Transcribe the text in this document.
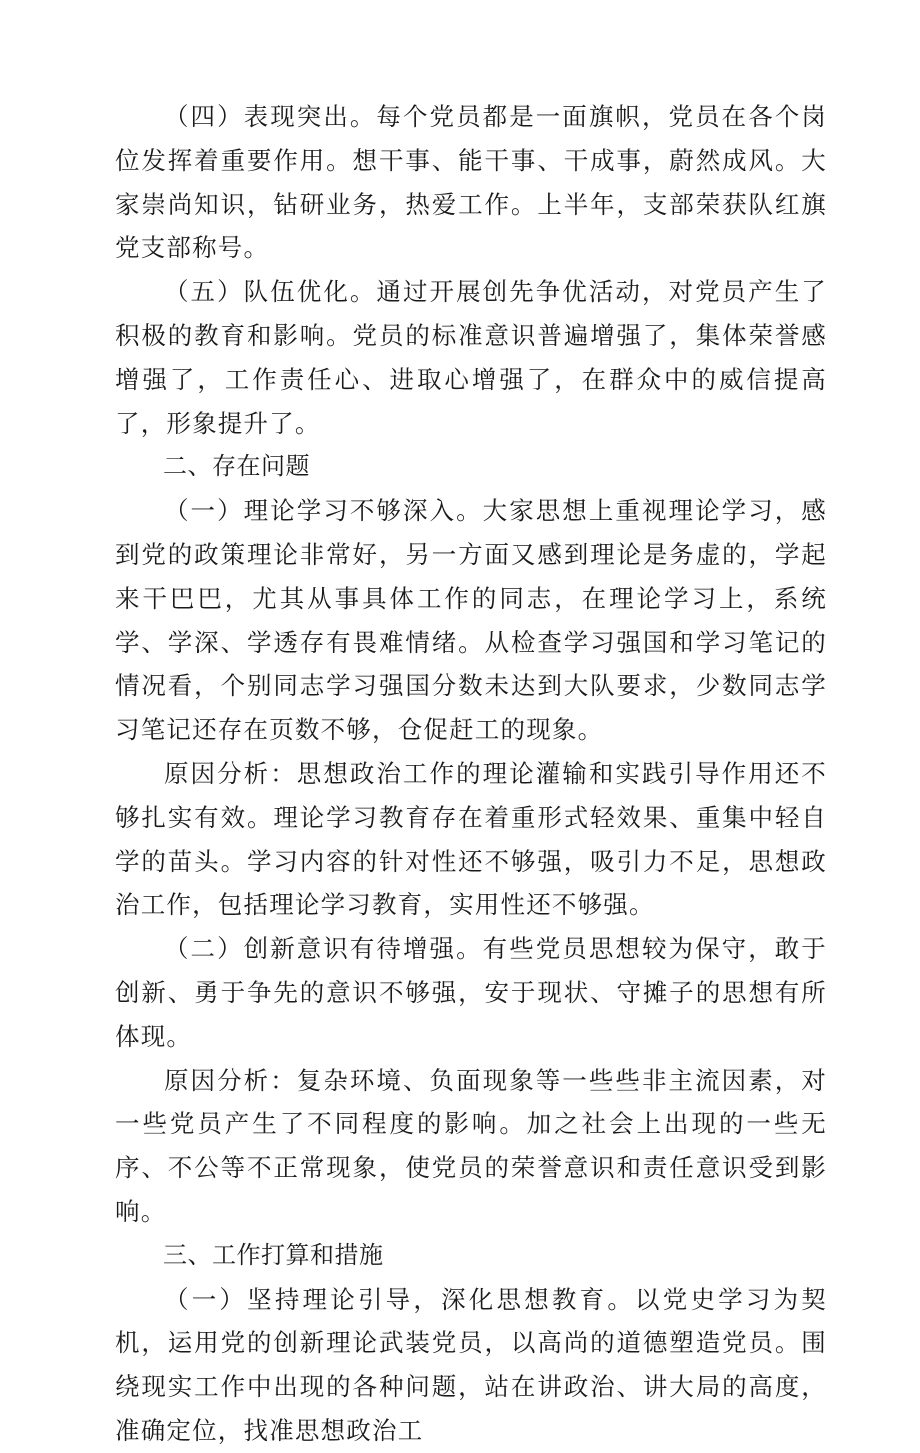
（四）表现突出。每个党员都是一面旗帜，党员在各个岗位发挥着重要作用。想干事、能干事、干成事，蔚然成风。大家崇尚知识，钻研业务，热爱工作。上半年，支部荣获队红旗党支部称号。

（五）队伍优化。通过开展创先争优活动，对党员产生了积极的教育和影响。党员的标准意识普遍增强了，集体荣誉感增强了，工作责任心、进取心增强了，在群众中的威信提高了，形象提升了。

二、存在问题

（一）理论学习不够深入。大家思想上重视理论学习，感到党的政策理论非常好，另一方面又感到理论是务虚的，学起来干巴巴，尤其从事具体工作的同志，在理论学习上，系统学、学深、学透存有畏难情绪。从检查学习强国和学习笔记的情况看，个别同志学习强国分数未达到大队要求，少数同志学习笔记还存在页数不够，仓促赶工的现象。

原因分析：思想政治工作的理论灌输和实践引导作用还不够扎实有效。理论学习教育存在着重形式轻效果、重集中轻自学的苗头。学习内容的针对性还不够强，吸引力不足，思想政治工作，包括理论学习教育，实用性还不够强。

（二）创新意识有待增强。有些党员思想较为保守，敢于创新、勇于争先的意识不够强，安于现状、守摊子的思想有所体现。

原因分析：复杂环境、负面现象等一些些非主流因素，对一些党员产生了不同程度的影响。加之社会上出现的一些无序、不公等不正常现象，使党员的荣誉意识和责任意识受到影响。

三、工作打算和措施

（一）坚持理论引导，深化思想教育。以党史学习为契机，运用党的创新理论武装党员，以高尚的道德塑造党员。围绕现实工作中出现的各种问题，站在讲政治、讲大局的高度，准确定位，找准思想政治工
